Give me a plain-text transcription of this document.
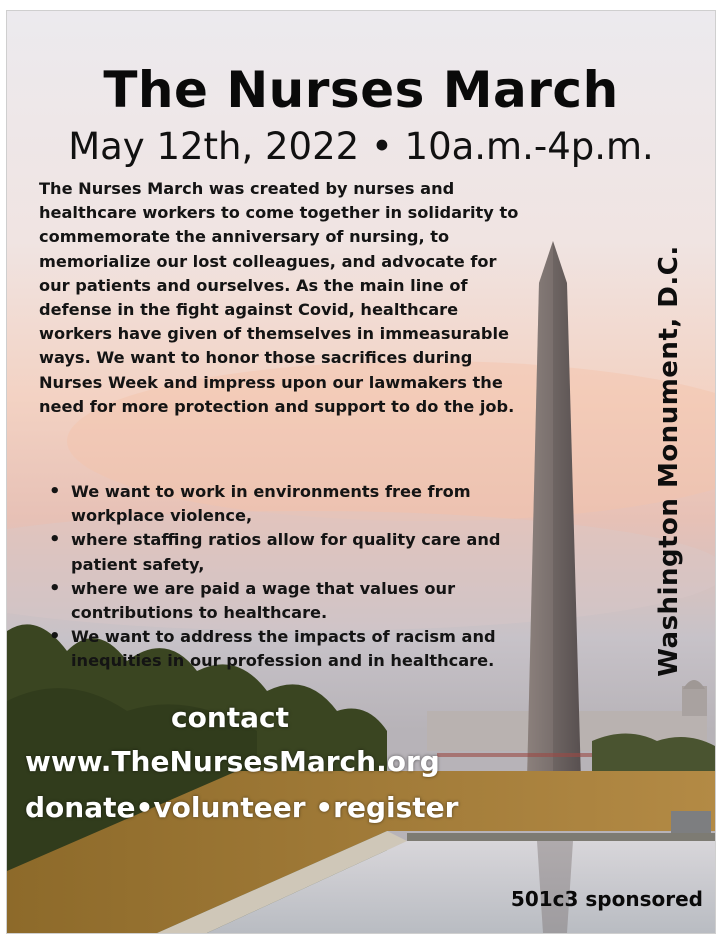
The Nurses March
May 12th, 2022 • 10a.m.-4p.m.

The Nurses March was created by nurses and healthcare workers to come together in solidarity to commemorate the anniversary of nursing, to memorialize our lost colleagues, and advocate for our patients and ourselves. As the main line of defense in the fight against Covid, healthcare workers have given of themselves in immeasurable ways. We want to honor those sacrifices during Nurses Week and impress upon our lawmakers the need for more protection and support to do the job.

• We want to work in environments free from workplace violence,
• where staffing ratios allow for quality care and patient safety,
• where we are paid a wage that values our contributions to healthcare.
• We want to address the impacts of racism and inequities in our profession and in healthcare.	Washington Monument, D.C.
contact
www.TheNursesMarch.org
donate•volunteer •register
501c3 sponsored
